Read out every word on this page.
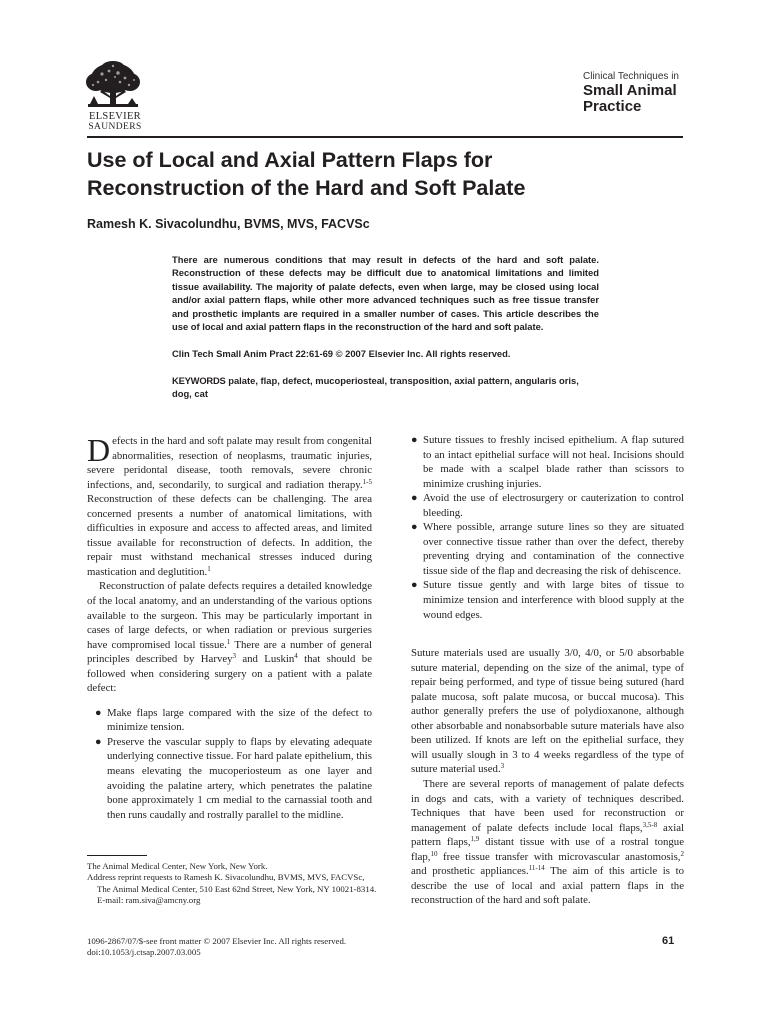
ELSEVIER
SAUNDERS
Clinical Techniques in
Small Animal
Practice
Use of Local and Axial Pattern Flaps for Reconstruction of the Hard and Soft Palate
Ramesh K. Sivacolundhu, BVMS, MVS, FACVSc

There are numerous conditions that may result in defects of the hard and soft palate. Reconstruction of these defects may be difficult due to anatomical limitations and limited tissue availability. The majority of palate defects, even when large, may be closed using local and/or axial pattern flaps, while other more advanced techniques such as free tissue transfer and prosthetic implants are required in a smaller number of cases. This article describes the use of local and axial pattern flaps in the reconstruction of the hard and soft palate.

Clin Tech Small Anim Pract 22:61-69 © 2007 Elsevier Inc. All rights reserved.

KEYWORDS palate, flap, defect, mucoperiosteal, transposition, axial pattern, angularis oris, dog, cat

Defects in the hard and soft palate may result from congenital abnormalities, resection of neoplasms, traumatic injuries, severe peridontal disease, tooth removals, severe chronic infections, and, secondarily, to surgical and radiation therapy.$^{1-5}$ Reconstruction of these defects can be challenging. The area concerned presents a number of anatomical limitations, with difficulties in exposure and access to affected areas, and limited tissue available for reconstruction of defects. In addition, the repair must withstand mechanical stresses induced during mastication and deglutition.$^1$

Reconstruction of palate defects requires a detailed knowledge of the local anatomy, and an understanding of the various options available to the surgeon. This may be particularly important in cases of large defects, or when radiation or previous surgeries have compromised local tissue.$^1$ There are a number of general principles described by Harvey$^3$ and Luskin$^4$ that should be followed when considering surgery on a patient with a palate defect:

● Make flaps large compared with the size of the defect to minimize tension.
● Preserve the vascular supply to flaps by elevating adequate underlying connective tissue. For hard palate epithelium, this means elevating the mucoperiosteum as one layer and avoiding the palatine artery, which penetrates the palatine bone approximately 1 cm medial to the carnassial tooth and then runs caudally and rostrally parallel to the midline.
● Suture tissues to freshly incised epithelium. A flap sutured to an intact epithelial surface will not heal. Incisions should be made with a scalpel blade rather than scissors to minimize crushing injuries.
● Avoid the use of electrosurgery or cauterization to control bleeding.
● Where possible, arrange suture lines so they are situated over connective tissue rather than over the defect, thereby preventing drying and contamination of the connective tissue side of the flap and decreasing the risk of dehiscence.
● Suture tissue gently and with large bites of tissue to minimize tension and interference with blood supply at the wound edges.

Suture materials used are usually 3/0, 4/0, or 5/0 absorbable suture material, depending on the size of the animal, type of repair being performed, and type of tissue being sutured (hard palate mucosa, soft palate mucosa, or buccal mucosa). This author generally prefers the use of polydioxanone, although other absorbable and nonabsorbable suture materials have also been utilized. If knots are left on the epithelial surface, they will usually slough in 3 to 4 weeks regardless of the type of suture material used.$^3$

There are several reports of management of palate defects in dogs and cats, with a variety of techniques described. Techniques that have been used for reconstruction or management of palate defects include local flaps,$^{3,5-8}$ axial pattern flaps,$^{1,9}$ distant tissue with use of a rostral tongue flap,$^{10}$ free tissue transfer with microvascular anastomosis,$^2$ and prosthetic appliances.$^{11-14}$ The aim of this article is to describe the use of local and axial pattern flaps in the reconstruction of the hard and soft palate.

The Animal Medical Center, New York, New York.

Address reprint requests to Ramesh K. Sivacolundhu, BVMS, MVS, FACVSc, The Animal Medical Center, 510 East 62nd Street, New York, NY 10021-8314. E-mail: ram.siva@amcny.org

1096-2867/07/$-see front matter © 2007 Elsevier Inc. All rights reserved.
doi:10.1053/j.ctsap.2007.03.005
61
